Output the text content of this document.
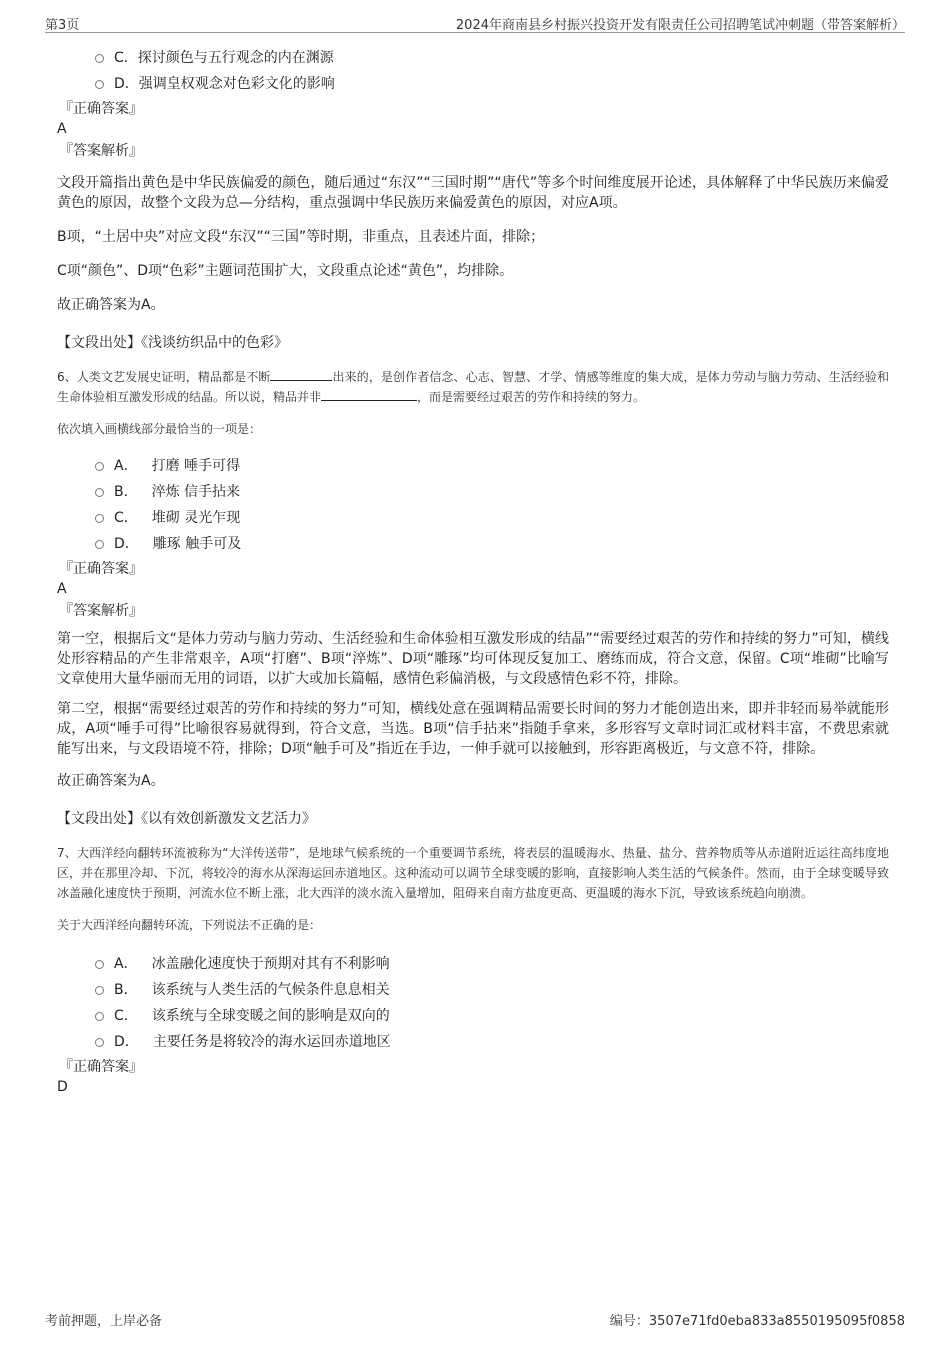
第3页	2024年商南县乡村振兴投资开发有限责任公司招聘笔试冲刺题（带答案解析）
C．探讨颜色与五行观念的内在渊源
D．强调皇权观念对色彩文化的影响
『正确答案』
A
『答案解析』

文段开篇指出黄色是中华民族偏爱的颜色，随后通过“东汉”“三国时期”“唐代”等多个时间维度展开论述，具体解释了中华民族历来偏爱黄色的原因，故整个文段为总—分结构，重点强调中华民族历来偏爱黄色的原因，对应A项。

B项，“土居中央”对应文段“东汉”“三国”等时期，非重点，且表述片面，排除；

C项“颜色”、D项“色彩”主题词范围扩大，文段重点论述“黄色”，均排除。

故正确答案为A。

【文段出处】《浅谈纺织品中的色彩》

6、人类文艺发展史证明，精品都是不断	出来的，是创作者信念、心志、智慧、才学、情感等维度的集大成，是体力劳动与脑力劳动、生活经验和生命体验相互激发形成的结晶。所以说，精品并非	，而是需要经过艰苦的劳作和持续的努力。

依次填入画横线部分最恰当的一项是：

A． 打磨 唾手可得
B． 淬炼 信手拈来
C． 堆砌 灵光乍现
D． 雕琢 触手可及
『正确答案』
A
『答案解析』

第一空，根据后文“是体力劳动与脑力劳动、生活经验和生命体验相互激发形成的结晶”“需要经过艰苦的劳作和持续的努力”可知，横线处形容精品的产生非常艰辛，A项“打磨”、B项“淬炼”、D项“雕琢”均可体现反复加工、磨练而成，符合文意，保留。C项“堆砌”比喻写文章使用大量华丽而无用的词语，以扩大或加长篇幅，感情色彩偏消极，与文段感情色彩不符，排除。

第二空，根据“需要经过艰苦的劳作和持续的努力”可知，横线处意在强调精品需要长时间的努力才能创造出来，即并非轻而易举就能形成，A项“唾手可得”比喻很容易就得到，符合文意，当选。B项“信手拈来”指随手拿来，多形容写文章时词汇或材料丰富，不费思索就能写出来，与文段语境不符，排除；D项“触手可及”指近在手边，一伸手就可以接触到，形容距离极近，与文意不符，排除。

故正确答案为A。

【文段出处】《以有效创新激发文艺活力》

7、大西洋经向翻转环流被称为“大洋传送带”，是地球气候系统的一个重要调节系统，将表层的温暖海水、热量、盐分、营养物质等从赤道附近运往高纬度地区，并在那里冷却、下沉，将较冷的海水从深海运回赤道地区。这种流动可以调节全球变暖的影响，直接影响人类生活的气候条件。然而，由于全球变暖导致冰盖融化速度快于预期，河流水位不断上涨，北大西洋的淡水流入量增加，阻碍来自南方盐度更高、更温暖的海水下沉，导致该系统趋向崩溃。

关于大西洋经向翻转环流，下列说法不正确的是：

A． 冰盖融化速度快于预期对其有不利影响
B． 该系统与人类生活的气候条件息息相关
C． 该系统与全球变暖之间的影响是双向的
D． 主要任务是将较冷的海水运回赤道地区
『正确答案』
D
考前押题，上岸必备	编号：3507e71fd0eba833a8550195095f0858
